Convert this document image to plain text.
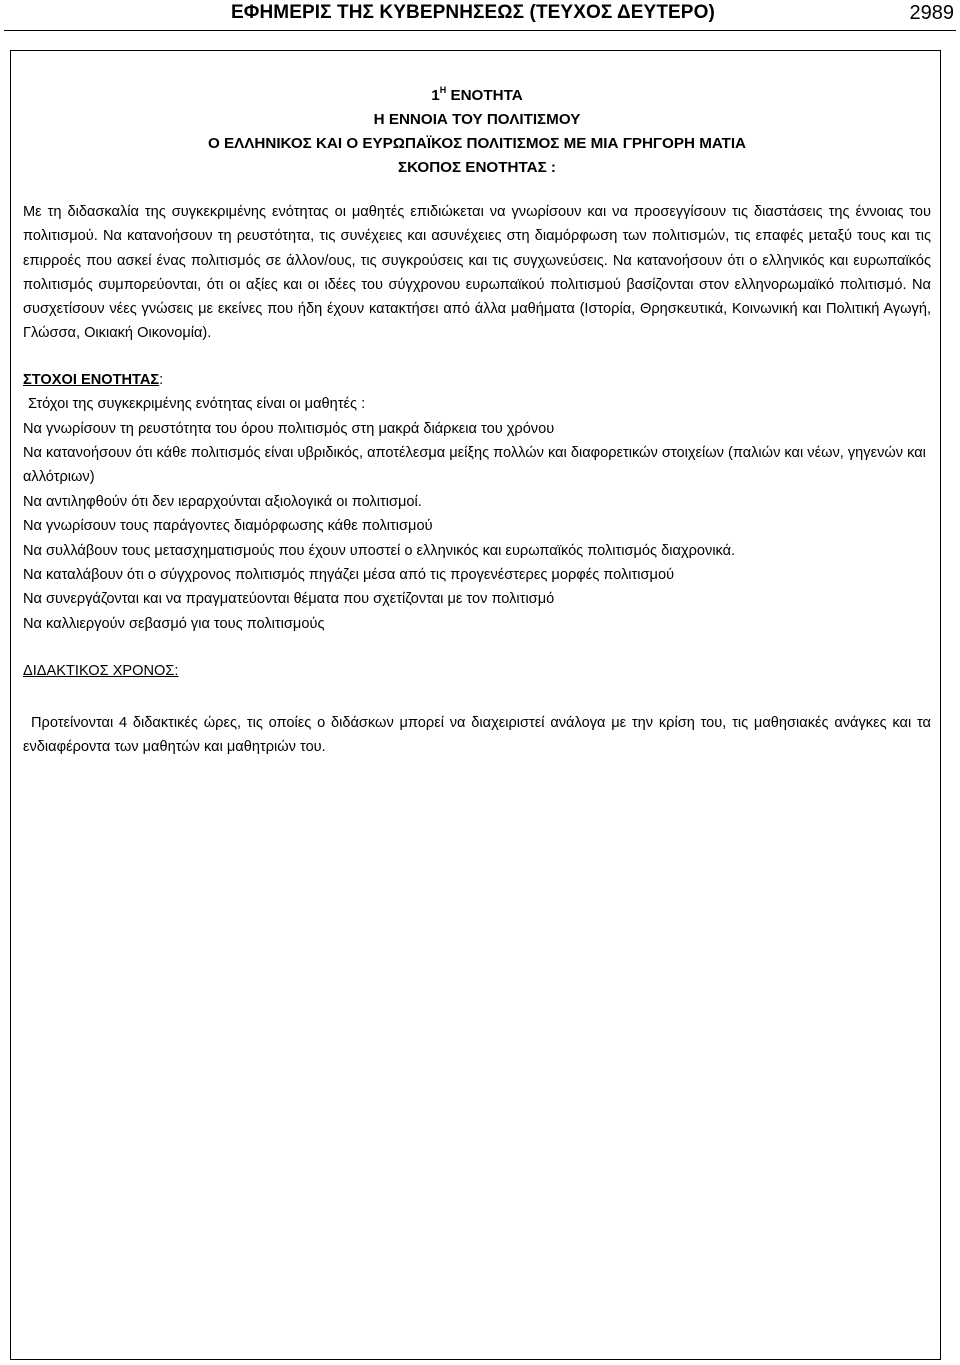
ΕΦΗΜΕΡΙΣ ΤΗΣ ΚΥΒΕΡΝΗΣΕΩΣ (ΤΕΥΧΟΣ ΔΕΥΤΕΡΟ)	2989
$1^H$ ΕΝΟΤΗΤΑ
Η ΕΝΝΟΙΑ ΤΟΥ ΠΟΛΙΤΙΣΜΟΥ
Ο ΕΛΛΗΝΙΚΟΣ ΚΑΙ Ο ΕΥΡΩΠΑΪΚΟΣ ΠΟΛΙΤΙΣΜΟΣ ΜΕ ΜΙΑ ΓΡΗΓΟΡΗ ΜΑΤΙΑ
ΣΚΟΠΟΣ ΕΝΟΤΗΤΑΣ :

Με τη διδασκαλία της συγκεκριμένης ενότητας οι μαθητές επιδιώκεται να γνωρίσουν και να προσεγγίσουν τις διαστάσεις της έννοιας του πολιτισμού. Να κατανοήσουν τη ρευστότητα, τις συνέχειες και ασυνέχειες στη διαμόρφωση των πολιτισμών, τις επαφές μεταξύ τους και τις επιρροές που ασκεί ένας πολιτισμός σε άλλον/ους, τις συγκρούσεις και τις συγχωνεύσεις. Να κατανοήσουν ότι ο ελληνικός και ευρωπαϊκός πολιτισμός συμπορεύονται, ότι οι αξίες και οι ιδέες του σύγχρονου ευρωπαϊκού πολιτισμού βασίζονται στον ελληνορωμαϊκό πολιτισμό. Να συσχετίσουν νέες γνώσεις με εκείνες που ήδη έχουν κατακτήσει από άλλα μαθήματα (Ιστορία, Θρησκευτικά, Κοινωνική και Πολιτική Αγωγή, Γλώσσα, Οικιακή Οικονομία).

ΣΤΟΧΟΙ ΕΝΟΤΗΤΑΣ:

Στόχοι της συγκεκριμένης ενότητας είναι οι μαθητές :

Να γνωρίσουν τη ρευστότητα του όρου πολιτισμός στη μακρά διάρκεια του χρόνου

Να κατανοήσουν ότι κάθε πολιτισμός είναι υβριδικός, αποτέλεσμα μείξης πολλών και διαφορετικών στοιχείων (παλιών και νέων, γηγενών και αλλότριων)

Να αντιληφθούν ότι δεν ιεραρχούνται αξιολογικά οι πολιτισμοί.

Να γνωρίσουν τους παράγοντες διαμόρφωσης κάθε πολιτισμού

Να συλλάβουν τους μετασχηματισμούς που έχουν υποστεί ο ελληνικός και ευρωπαϊκός πολιτισμός διαχρονικά.

Να καταλάβουν ότι ο σύγχρονος πολιτισμός πηγάζει μέσα από τις προγενέστερες μορφές πολιτισμού

Να συνεργάζονται και να πραγματεύονται θέματα που σχετίζονται με τον πολιτισμό

Να καλλιεργούν σεβασμό για τους πολιτισμούς

ΔΙΔΑΚΤΙΚΟΣ ΧΡΟΝΟΣ:

Προτείνονται 4 διδακτικές ώρες, τις οποίες ο διδάσκων μπορεί να διαχειριστεί ανάλογα με την κρίση του, τις μαθησιακές ανάγκες και τα ενδιαφέροντα των μαθητών και μαθητριών του.
